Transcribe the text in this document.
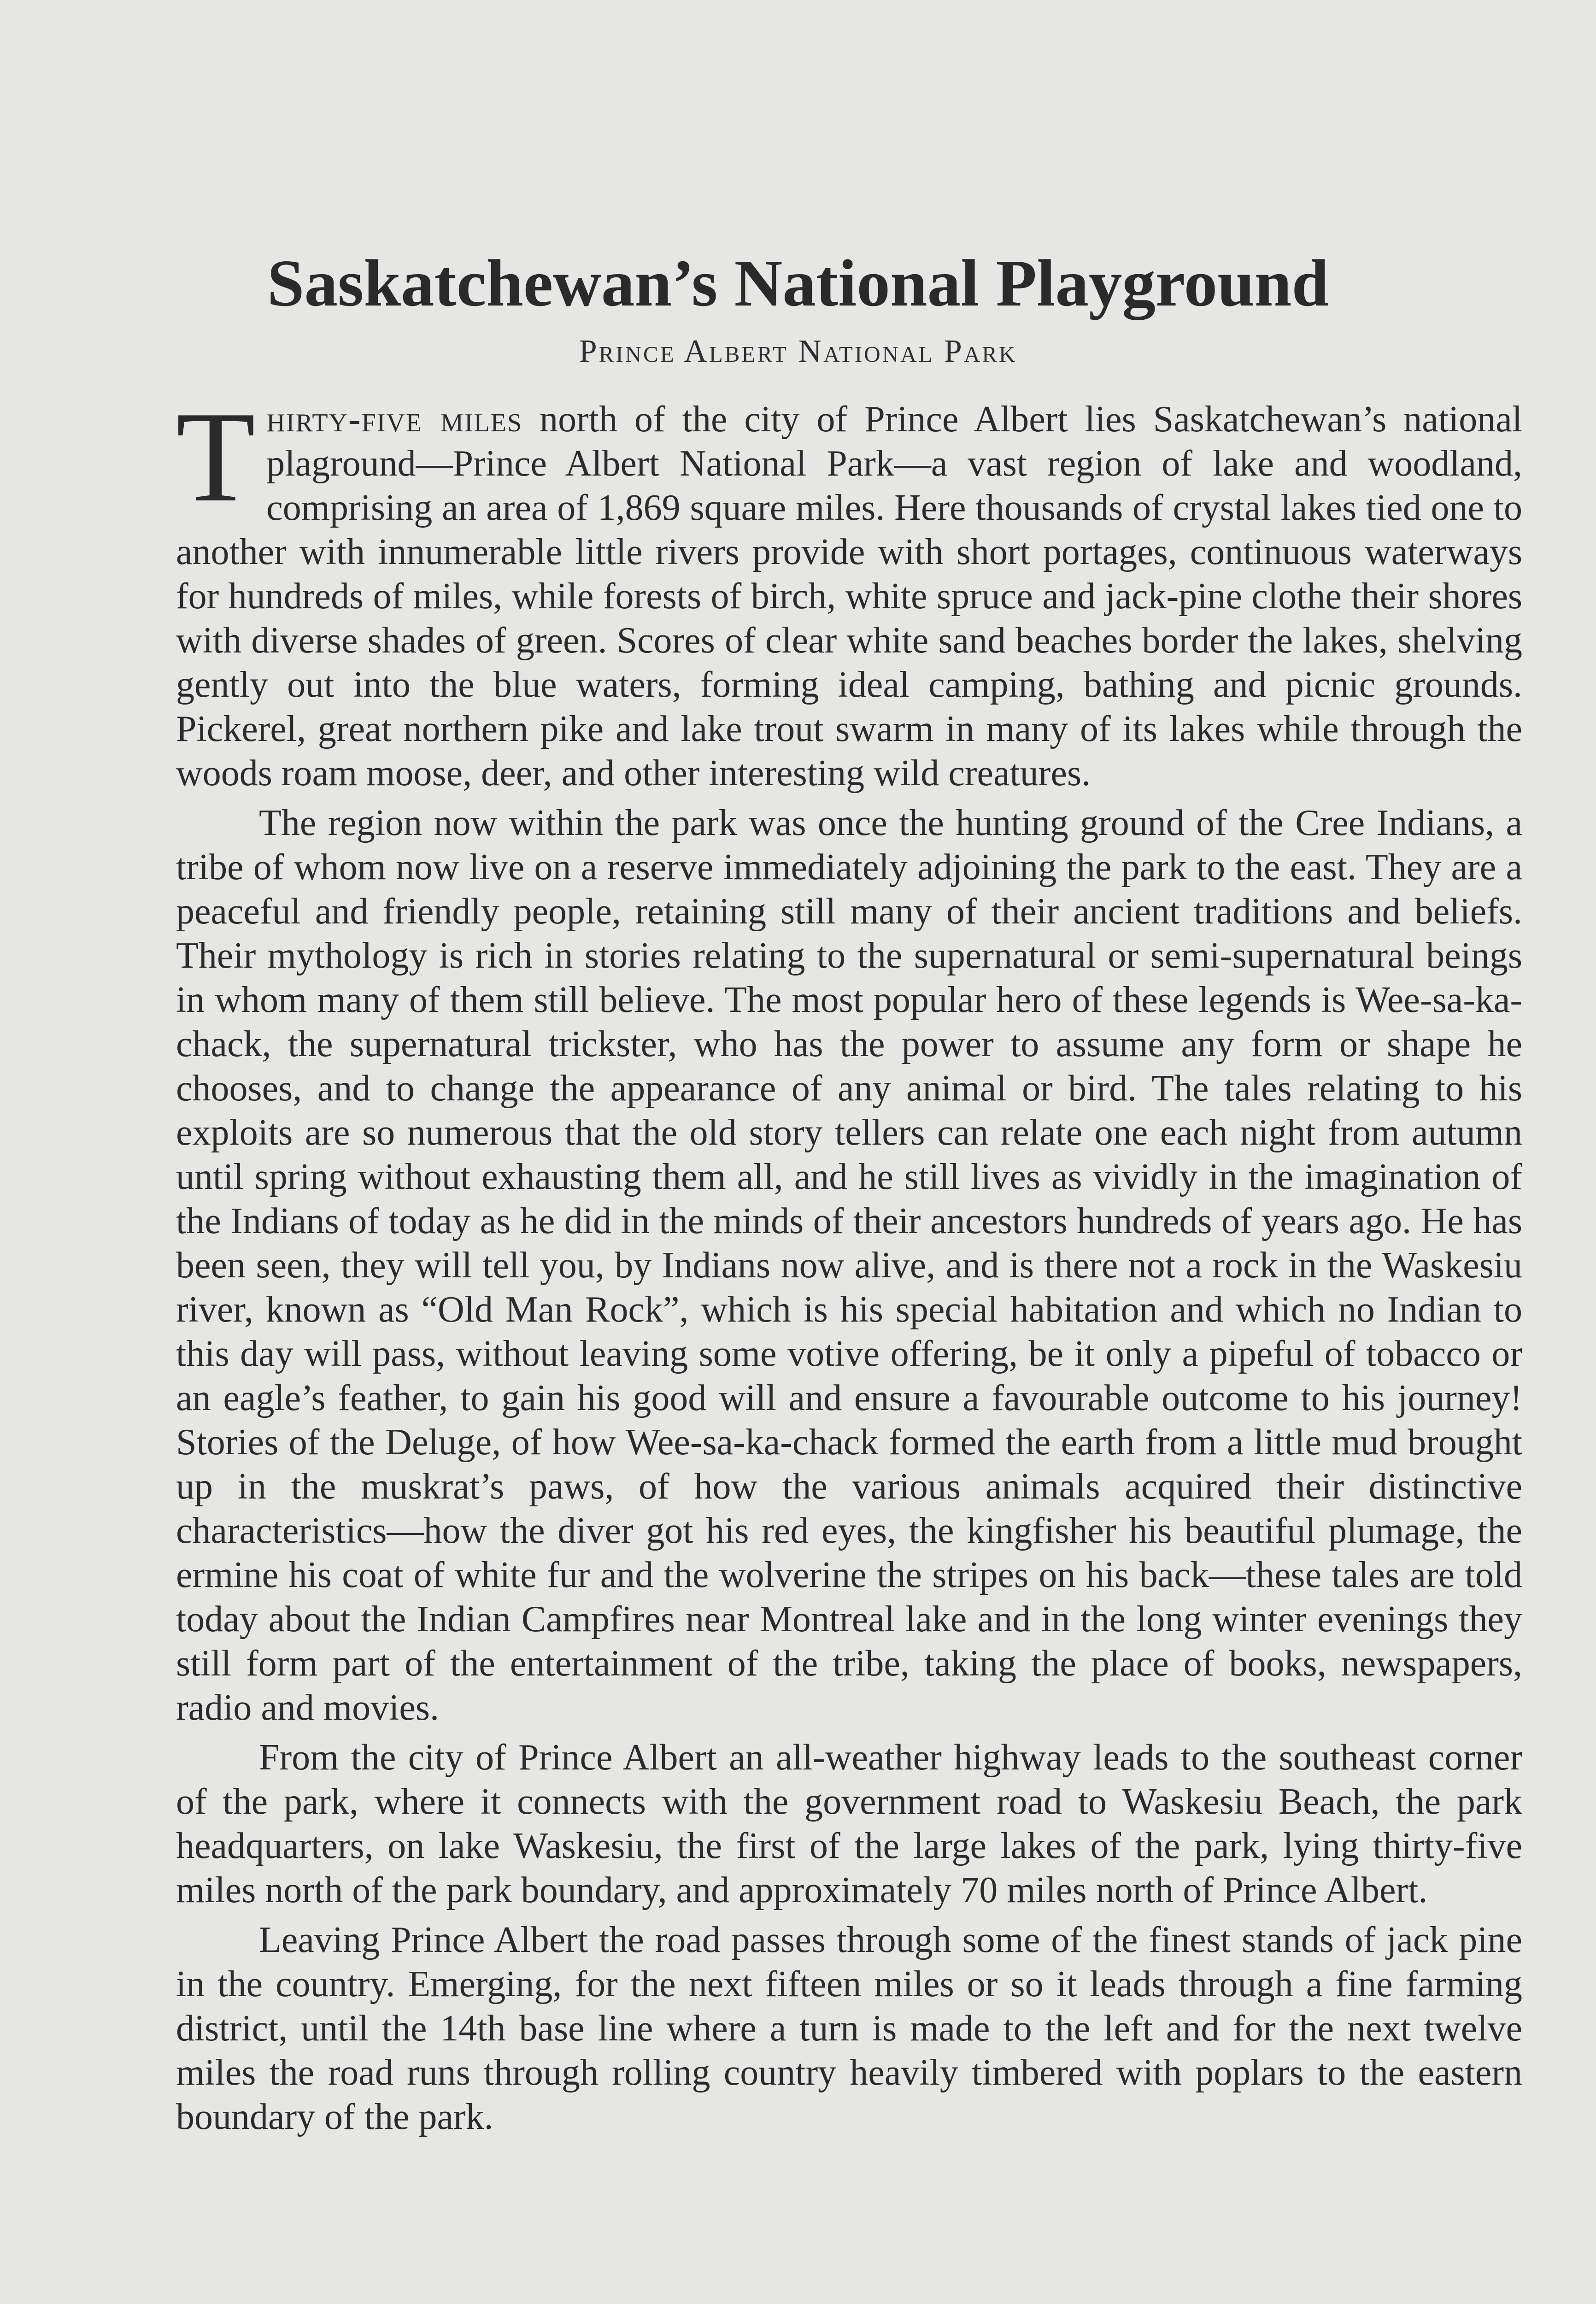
Saskatchewan’s National Playground
Prince Albert National Park

Thirty-five miles north of the city of Prince Albert lies Saskatchewan’s national plaground—Prince Albert National Park—a vast region of lake and woodland, comprising an area of 1,869 square miles. Here thousands of crystal lakes tied one to another with innumerable little rivers provide with short portages, continuous waterways for hundreds of miles, while forests of birch, white spruce and jack-pine clothe their shores with diverse shades of green. Scores of clear white sand beaches border the lakes, shelving gently out into the blue waters, forming ideal camping, bathing and picnic grounds. Pickerel, great northern pike and lake trout swarm in many of its lakes while through the woods roam moose, deer, and other interesting wild creatures.

The region now within the park was once the hunting ground of the Cree Indians, a tribe of whom now live on a reserve immediately adjoining the park to the east. They are a peaceful and friendly people, retaining still many of their ancient traditions and beliefs. Their mythology is rich in stories relating to the supernatural or semi-supernatural beings in whom many of them still believe. The most popular hero of these legends is Wee-sa-ka-chack, the supernatural trickster, who has the power to assume any form or shape he chooses, and to change the appearance of any animal or bird. The tales relating to his exploits are so numerous that the old story tellers can relate one each night from autumn until spring without exhausting them all, and he still lives as vividly in the imagination of the Indians of today as he did in the minds of their ancestors hundreds of years ago. He has been seen, they will tell you, by Indians now alive, and is there not a rock in the Waskesiu river, known as “Old Man Rock”, which is his special habitation and which no Indian to this day will pass, without leaving some votive offering, be it only a pipeful of tobacco or an eagle’s feather, to gain his good will and ensure a favourable outcome to his journey! Stories of the Deluge, of how Wee-sa-ka-chack formed the earth from a little mud brought up in the muskrat’s paws, of how the various animals acquired their distinctive characteristics—how the diver got his red eyes, the kingfisher his beautiful plumage, the ermine his coat of white fur and the wolverine the stripes on his back—these tales are told today about the Indian Campfires near Montreal lake and in the long winter evenings they still form part of the entertainment of the tribe, taking the place of books, newspapers, radio and movies.

From the city of Prince Albert an all-weather highway leads to the southeast corner of the park, where it connects with the government road to Waskesiu Beach, the park headquarters, on lake Waskesiu, the first of the large lakes of the park, lying thirty-five miles north of the park boundary, and approximately 70 miles north of Prince Albert.

Leaving Prince Albert the road passes through some of the finest stands of jack pine in the country. Emerging, for the next fifteen miles or so it leads through a fine farming district, until the 14th base line where a turn is made to the left and for the next twelve miles the road runs through rolling country heavily timbered with poplars to the eastern boundary of the park.
